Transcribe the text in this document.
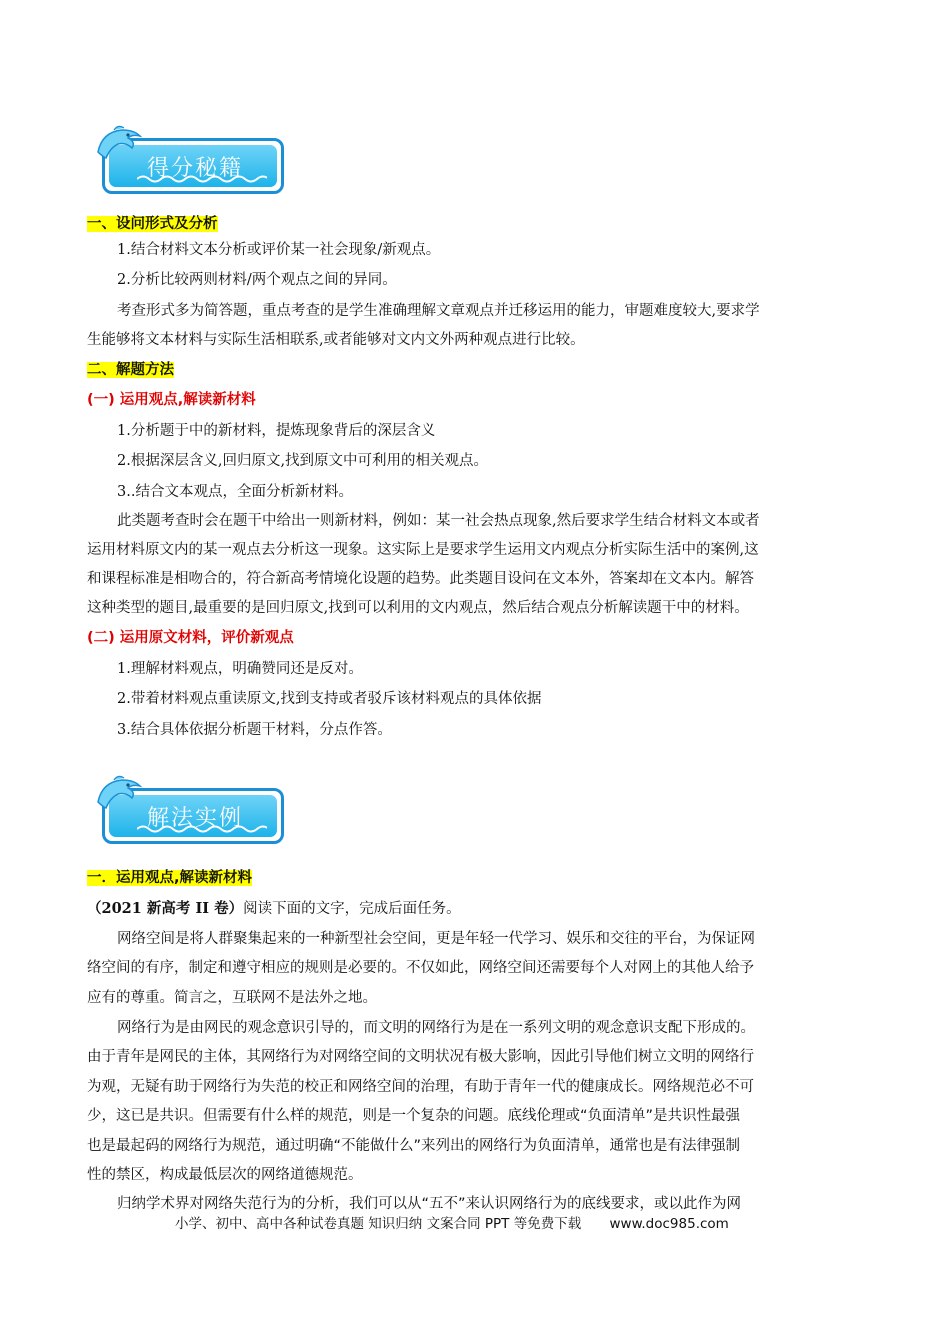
得分秘籍
一、设问形式及分析
1.结合材料文本分析或评价某一社会现象/新观点。
2.分析比较两则材料/两个观点之间的异同。
考查形式多为简答题，重点考查的是学生准确理解文章观点并迁移运用的能力，审题难度较大,要求学
生能够将文本材料与实际生活相联系,或者能够对文内文外两种观点进行比较。
二、解题方法
(一) 运用观点,解读新材料
1.分析题于中的新材料，提炼现象背后的深层含义
2.根据深层含义,回归原文,找到原文中可利用的相关观点。
3..结合文本观点，全面分析新材料。
此类题考查时会在题干中给出一则新材料，例如：某一社会热点现象,然后要求学生结合材料文本或者
运用材料原文内的某一观点去分析这一现象。这实际上是要求学生运用文内观点分析实际生活中的案例,这
和课程标准是相吻合的，符合新高考情境化设题的趋势。此类题目设问在文本外，答案却在文本内。解答
这种类型的题目,最重要的是回归原文,找到可以利用的文内观点，然后结合观点分析解读题干中的材料。
(二) 运用原文材料，评价新观点
1.理解材料观点，明确赞同还是反对。
2.带着材料观点重读原文,找到支持或者驳斥该材料观点的具体依据
3.结合具体依据分析题干材料，分点作答。
解法实例
一．运用观点,解读新材料
（2021 新高考 II 卷）阅读下面的文字，完成后面任务。
网络空间是将人群聚集起来的一种新型社会空间，更是年轻一代学习、娱乐和交往的平台，为保证网
络空间的有序，制定和遵守相应的规则是必要的。不仅如此，网络空间还需要每个人对网上的其他人给予
应有的尊重。简言之，互联网不是法外之地。
网络行为是由网民的观念意识引导的，而文明的网络行为是在一系列文明的观念意识支配下形成的。
由于青年是网民的主体，其网络行为对网络空间的文明状况有极大影响，因此引导他们树立文明的网络行
为观，无疑有助于网络行为失范的校正和网络空间的治理，有助于青年一代的健康成长。网络规范必不可
少，这已是共识。但需要有什么样的规范，则是一个复杂的问题。底线伦理或“负面清单”是共识性最强
也是最起码的网络行为规范，通过明确“不能做什么”来列出的网络行为负面清单，通常也是有法律强制
性的禁区，构成最低层次的网络道德规范。
归纳学术界对网络失范行为的分析，我们可以从“五不”来认识网络行为的底线要求，或以此作为网
小学、初中、高中各种试卷真题 知识归纳 文案合同 PPT 等免费下载 www.doc985.com
